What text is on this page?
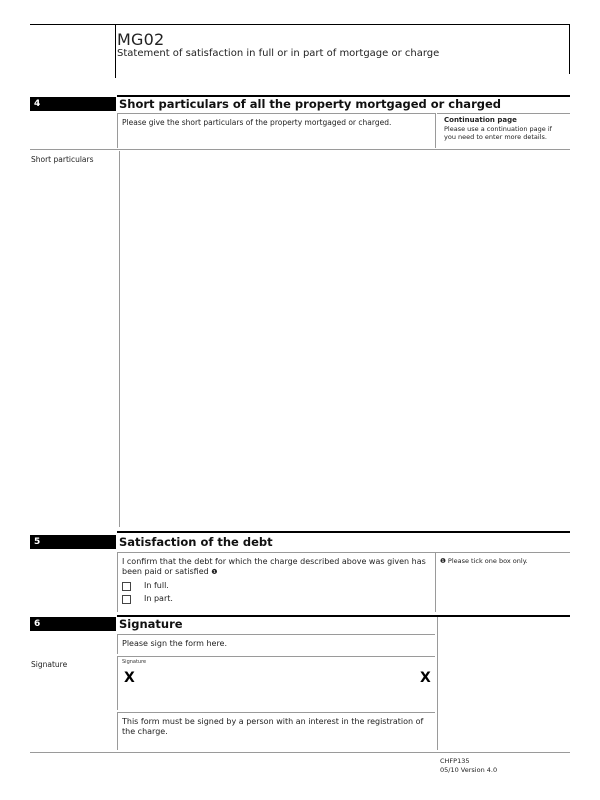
MG02
Statement of satisfaction in full or in part of mortgage or charge
4	Short particulars of all the property mortgaged or charged
Please give the short particulars of the property mortgaged or charged.	Continuation page
Please use a continuation page if
you need to enter more details.
Short particulars
5	Satisfaction of the debt
I confirm that the debt for which the charge described above was given has
been paid or satisfied ❶
In full.
In part.
❶ Please tick one box only.
6	Signature
Please sign the form here.
Signature	Signature
X	X
This form must be signed by a person with an interest in the registration of
the charge.
CHFP135
05/10 Version 4.0
